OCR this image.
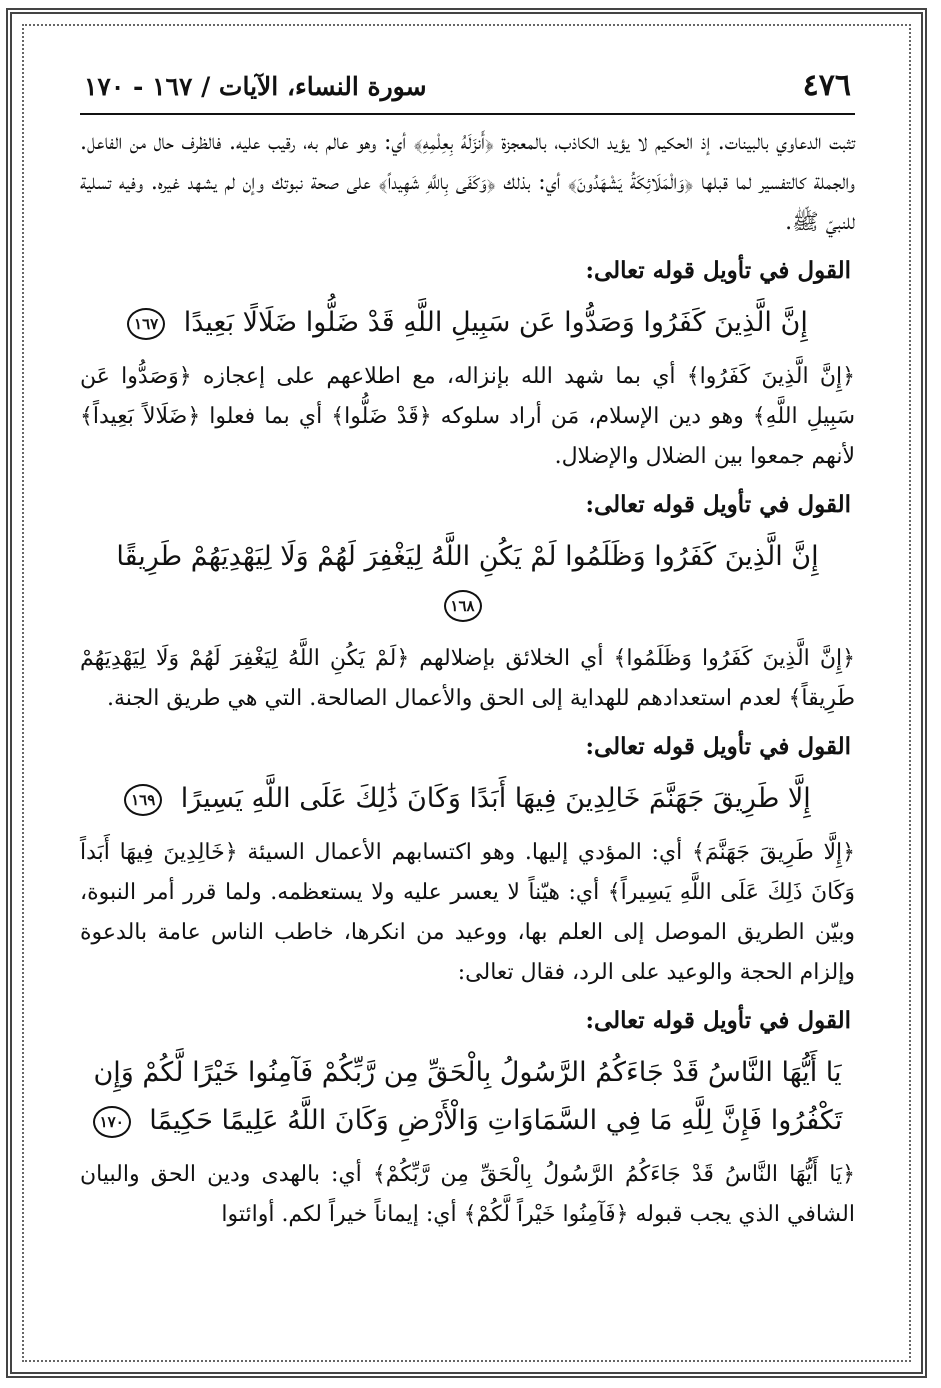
٤٧٦
سورة النساء، الآيات / ١٦٧ - ١٧٠

تثبت الدعاوي بالبينات. إذ الحكيم لا يؤيد الكاذب، بالمعجزة ﴿أَنزَلَهُ بِعِلْمِهِ﴾ أي: وهو عالم به، رقيب عليه. فالظرف حال من الفاعل. والجملة كالتفسير لما قبلها ﴿وَالْمَلَائِكَةُ يَشْهَدُونَ﴾ أي: بذلك ﴿وَكَفَى بِاللَّهِ شَهِيداً﴾ على صحة نبوتك وإن لم يشهد غيره. وفيه تسلية للنبيّ ﷺ.

القول في تأويل قوله تعالى:
إِنَّ الَّذِينَ كَفَرُوا وَصَدُّوا عَن سَبِيلِ اللَّهِ قَدْ ضَلُّوا ضَلَالًا بَعِيدًا ١٦٧

﴿إِنَّ الَّذِينَ كَفَرُوا﴾ أي بما شهد الله بإنزاله، مع اطلاعهم على إعجازه ﴿وَصَدُّوا عَن سَبِيلِ اللَّهِ﴾ وهو دين الإسلام، مَن أراد سلوكه ﴿قَدْ ضَلُّوا﴾ أي بما فعلوا ﴿ضَلَالاً بَعِيداً﴾ لأنهم جمعوا بين الضلال والإضلال.

القول في تأويل قوله تعالى:
إِنَّ الَّذِينَ كَفَرُوا وَظَلَمُوا لَمْ يَكُنِ اللَّهُ لِيَغْفِرَ لَهُمْ وَلَا لِيَهْدِيَهُمْ طَرِيقًا ١٦٨

﴿إِنَّ الَّذِينَ كَفَرُوا وَظَلَمُوا﴾ أي الخلائق بإضلالهم ﴿لَمْ يَكُنِ اللَّهُ لِيَغْفِرَ لَهُمْ وَلَا لِيَهْدِيَهُمْ طَرِيقاً﴾ لعدم استعدادهم للهداية إلى الحق والأعمال الصالحة. التي هي طريق الجنة.

القول في تأويل قوله تعالى:
إِلَّا طَرِيقَ جَهَنَّمَ خَالِدِينَ فِيهَا أَبَدًا وَكَانَ ذَٰلِكَ عَلَى اللَّهِ يَسِيرًا ١٦٩

﴿إِلَّا طَرِيقَ جَهَنَّمَ﴾ أي: المؤدي إليها. وهو اكتسابهم الأعمال السيئة ﴿خَالِدِينَ فِيهَا أَبَداً وَكَانَ ذَلِكَ عَلَى اللَّهِ يَسِيراً﴾ أي: هيّناً لا يعسر عليه ولا يستعظمه. ولما قرر أمر النبوة، وبيّن الطريق الموصل إلى العلم بها، ووعيد من انكرها، خاطب الناس عامة بالدعوة وإلزام الحجة والوعيد على الرد، فقال تعالى:

القول في تأويل قوله تعالى:
يَا أَيُّهَا النَّاسُ قَدْ جَاءَكُمُ الرَّسُولُ بِالْحَقِّ مِن رَّبِّكُمْ فَآمِنُوا خَيْرًا لَّكُمْ وَإِن تَكْفُرُوا فَإِنَّ لِلَّهِ مَا فِي السَّمَاوَاتِ وَالْأَرْضِ وَكَانَ اللَّهُ عَلِيمًا حَكِيمًا ١٧٠

﴿يَا أَيُّهَا النَّاسُ قَدْ جَاءَكُمُ الرَّسُولُ بِالْحَقِّ مِن رَّبِّكُمْ﴾ أي: بالهدى ودين الحق والبيان الشافي الذي يجب قبوله ﴿فَآمِنُوا خَيْراً لَّكُمْ﴾ أي: إيماناً خيراً لكم. أوائتوا
